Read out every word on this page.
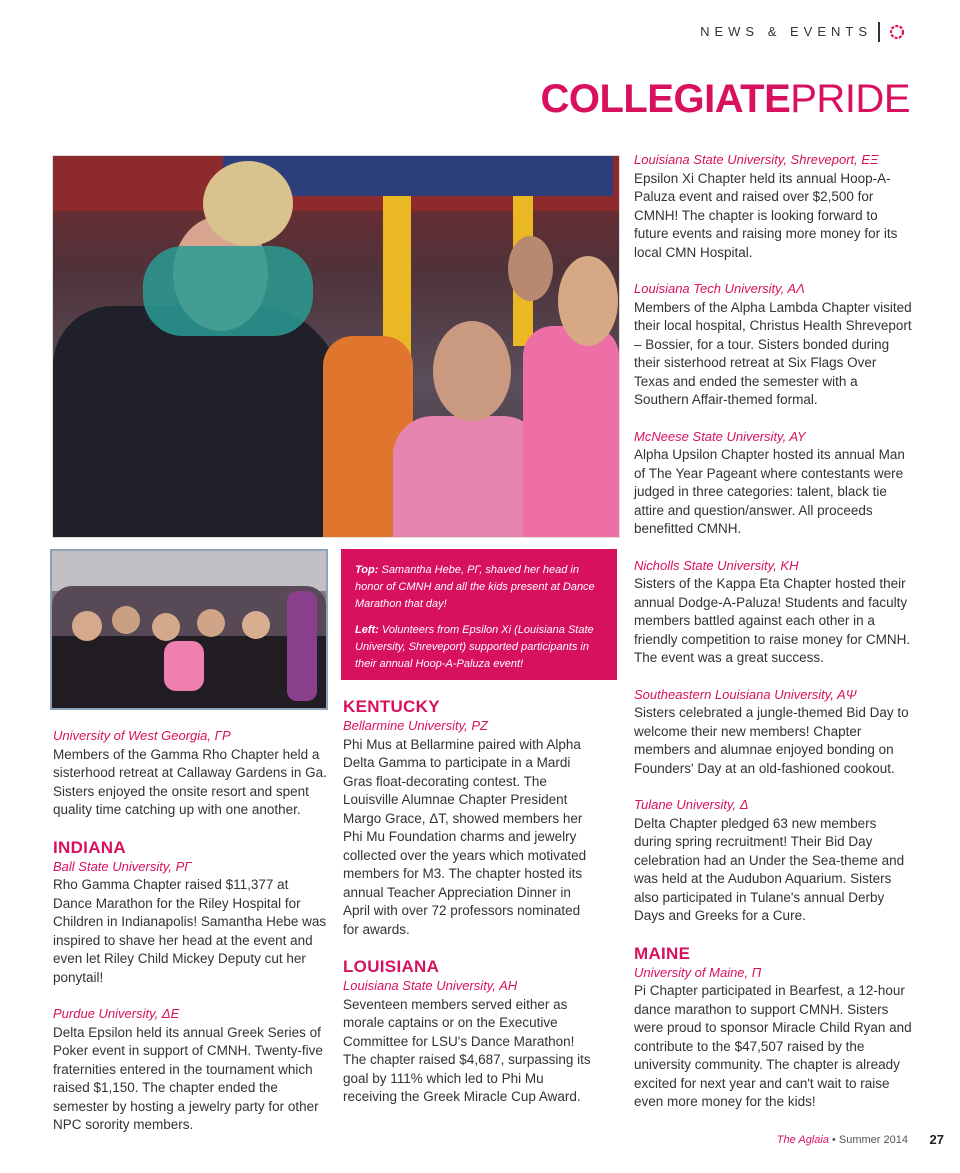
NEWS & EVENTS
COLLEGIATEPRIDE

Top: Samantha Hebe, PΓ, shaved her head in honor of CMNH and all the kids present at Dance Marathon that day!

Left: Volunteers from Epsilon Xi (Louisiana State University, Shreveport) supported participants in their annual Hoop-A-Paluza event!

University of West Georgia, ΓP

Members of the Gamma Rho Chapter held a sisterhood retreat at Callaway Gardens in Ga. Sisters enjoyed the onsite resort and spent quality time catching up with one another.

INDIANA

Ball State University, PΓ

Rho Gamma Chapter raised $11,377 at Dance Marathon for the Riley Hospital for Children in Indianapolis! Samantha Hebe was inspired to shave her head at the event and even let Riley Child Mickey Deputy cut her ponytail!

Purdue University, ΔE

Delta Epsilon held its annual Greek Series of Poker event in support of CMNH. Twenty-five fraternities entered in the tournament which raised $1,150. The chapter ended the semester by hosting a jewelry party for other NPC sorority members.

KENTUCKY

Bellarmine University, PZ

Phi Mus at Bellarmine paired with Alpha Delta Gamma to participate in a Mardi Gras float-decorating contest. The Louisville Alumnae Chapter President Margo Grace, ΔT, showed members her Phi Mu Foundation charms and jewelry collected over the years which motivated members for M3. The chapter hosted its annual Teacher Appreciation Dinner in April with over 72 professors nominated for awards.

LOUISIANA

Louisiana State University, AH

Seventeen members served either as morale captains or on the Executive Committee for LSU's Dance Marathon! The chapter raised $4,687, surpassing its goal by 111% which led to Phi Mu receiving the Greek Miracle Cup Award.

Louisiana State University, Shreveport, EΞ

Epsilon Xi Chapter held its annual Hoop-A-Paluza event and raised over $2,500 for CMNH! The chapter is looking forward to future events and raising more money for its local CMN Hospital.

Louisiana Tech University, AΛ

Members of the Alpha Lambda Chapter visited their local hospital, Christus Health Shreveport – Bossier, for a tour. Sisters bonded during their sisterhood retreat at Six Flags Over Texas and ended the semester with a Southern Affair-themed formal.

McNeese State University, AY

Alpha Upsilon Chapter hosted its annual Man of The Year Pageant where contestants were judged in three categories: talent, black tie attire and question/answer. All proceeds benefitted CMNH.

Nicholls State University, KH

Sisters of the Kappa Eta Chapter hosted their annual Dodge-A-Paluza! Students and faculty members battled against each other in a friendly competition to raise money for CMNH. The event was a great success.

Southeastern Louisiana University, AΨ

Sisters celebrated a jungle-themed Bid Day to welcome their new members! Chapter members and alumnae enjoyed bonding on Founders' Day at an old-fashioned cookout.

Tulane University, Δ

Delta Chapter pledged 63 new members during spring recruitment! Their Bid Day celebration had an Under the Sea-theme and was held at the Audubon Aquarium. Sisters also participated in Tulane's annual Derby Days and Greeks for a Cure.

MAINE

University of Maine, Π

Pi Chapter participated in Bearfest, a 12-hour dance marathon to support CMNH. Sisters were proud to sponsor Miracle Child Ryan and contribute to the $47,507 raised by the university community. The chapter is already excited for next year and can't wait to raise even more money for the kids!

The Aglaia • Summer 2014	27
